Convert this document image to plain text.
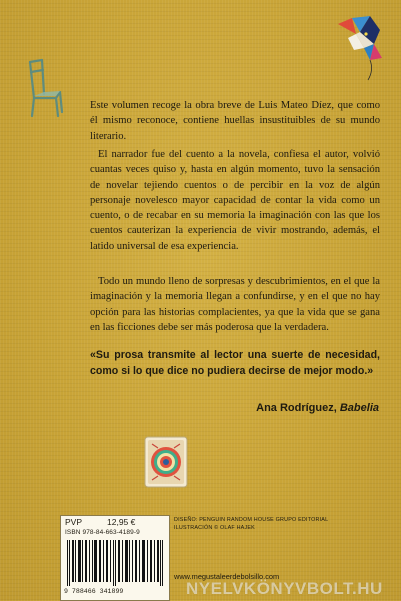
Este volumen recoge la obra breve de Luis Mateo Díez, que como él mismo reconoce, contiene huellas insustituibles de su mundo literario.

El narrador fue del cuento a la novela, confiesa el autor, volvió cuantas veces quiso y, hasta en algún momento, tuvo la sensación de novelar tejiendo cuentos o de percibir en la voz de algún personaje novelesco mayor capacidad de contar la vida como un cuento, o de recabar en su memoria la imaginación con las que los cuentos cauterizan la experiencia de vivir mostrando, además, el latido universal de esa experiencia.

Todo un mundo lleno de sorpresas y descubrimientos, en el que la imaginación y la memoria llegan a confundirse, y en el que no hay opción para las historias complacientes, ya que la vida que se gana en las ficciones debe ser más poderosa que la verdadera.

«Su prosa transmite al lector una suerte de necesidad, como si lo que dice no pudiera decirse de mejor modo.»
Ana Rodríguez, Babelia
PVP	12,95 €
ISBN 978-84-663-4189-9
9 788466 341899
DISEÑO: PENGUIN RANDOM HOUSE GRUPO EDITORIAL
ILUSTRACIÓN © OLAF HAJEK
www.megustaleerdebolsillo.com
NYELVKÖNYVBOLT.HU
